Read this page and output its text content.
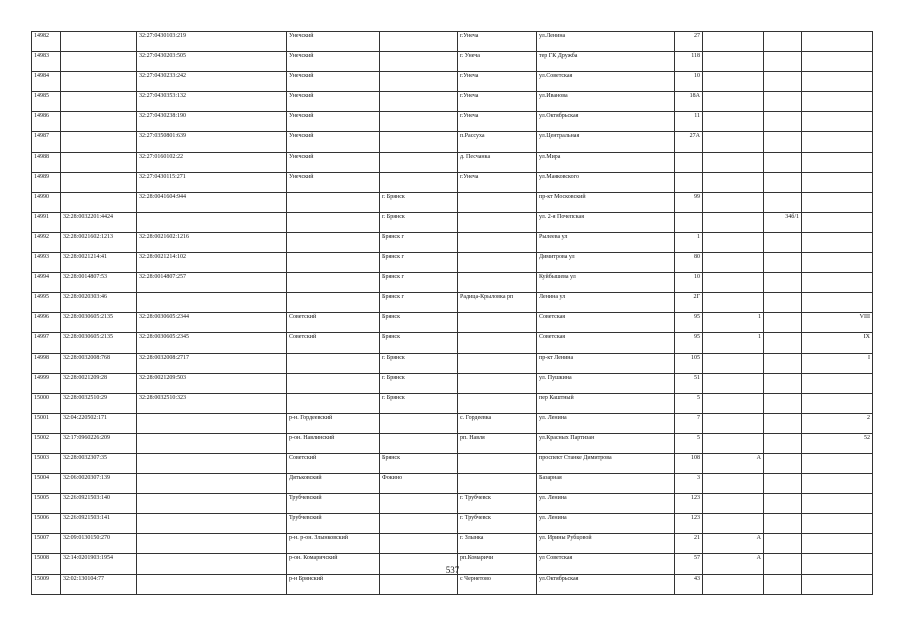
14982		32:27:0430103:219	Унечский		г.Унеча	ул.Ленина	27			
14983		32:27:0430203:505	Унечский		г. Унеча	тер ГК Дружба	118			
14984		32:27:0430233:242	Унечский		г.Унеча	ул.Советская	10			
14985		32:27:0430353:132	Унечский		г.Унеча	ул.Иванова	18А			
14986		32:27:0430238:190	Унечский		г.Унеча	ул.Октябрьская	11			
14987		32:27:0350801:639	Унечский		п.Рассуха	ул.Центральная	27А			
14988		32:27:0160102:22	Унечский		д. Песчанка	ул.Мира				
14989		32:27:0430115:271	Унечский		г.Унеча	ул.Маяковского				
14990		32:28:0041604:944		г. Брянск		пр-кт Московский	99			
14991	32:28:0032201:4424			г. Брянск		ул. 2-я Почепская			34б/1	
14992	32:28:0021602:1213	32:28:0021602:1216		Брянск г		Рылеева ул	1			
14993	32:28:0021214:41	32:28:0021214:102		Брянск г		Димитрова ул	80			
14994	32:28:0014807:53	32:28:0014807:257		Брянск г		Куйбышева ул	10			
14995	32:28:0020303:46			Брянск г	Радица-Крыловка рп	Ленина ул	2Г			
14996	32:28:0030605:2135	32:28:0030605:2344	Советский	Брянск		Советская	95	1		VIII
14997	32:28:0030605:2135	32:28:0030605:2345	Советский	Брянск		Советская	95	1		IX
14998	32:28:0032008:768	32:28:0032008:2717		г. Брянск		пр-кт Ленина	105			I
14999	32:28:0021209:28	32:28:0021209:503		г. Брянск		ул. Пушкина	51			
15000	32:28:0032510:29	32:28:0032510:323		г. Брянск		пер Каштный	5			
15001	32:04:220502:171		р-н. Гордеевский		с. Гордеевка	ул. Ленина	7			2
15002	32:17:0960226:209		р-он. Навлинский		рп. Навля	ул.Красных Партизан	5			52
15003	32:28:0032307:35		Советский	Брянск		проспект Станке Димитрова	108	А		
15004	32:06:0020307:139		Дятьковский	Фокино		Базарная	3			
15005	32:26:0921503:140		Трубчевский		г. Трубчевск	ул. Ленина	123			
15006	32:26:0921503:141		Трубчевский		г. Трубчевск	ул. Ленина	123			
15007	32:09:0130150:270		р-н. р-он. Злынковский		г. Злынка	ул. Ирины Рубцовой	21	А		
15008	32:14:0201903:1954		р-он. Комаричский		рп.Комаричи	ул Советская	57	А		
15009	32:02:130104:77		р-н Брянский		с Чернетово	ул.Октябрьская	43			
537
